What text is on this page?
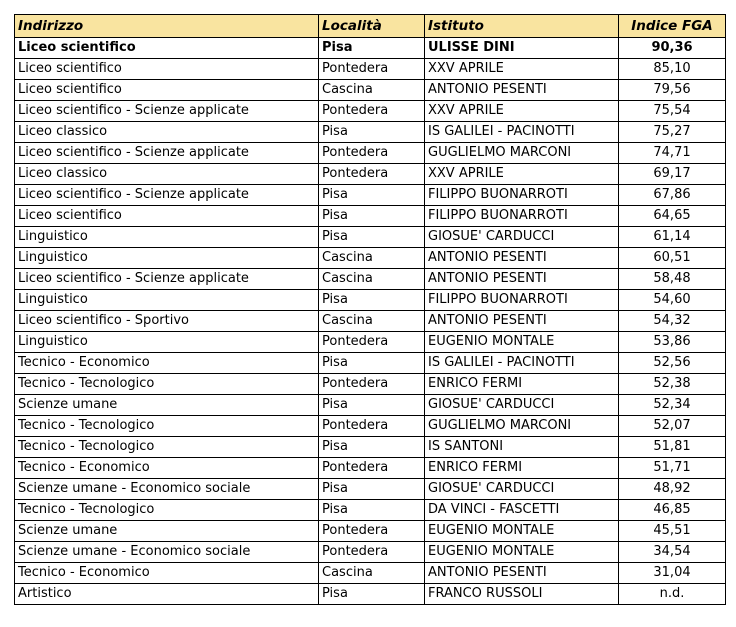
Indirizzo	Località	Istituto	Indice FGA
Liceo scientifico	Pisa	ULISSE DINI	90,36
Liceo scientifico	Pontedera	XXV APRILE	85,10
Liceo scientifico	Cascina	ANTONIO PESENTI	79,56
Liceo scientifico - Scienze applicate	Pontedera	XXV APRILE	75,54
Liceo classico	Pisa	IS GALILEI - PACINOTTI	75,27
Liceo scientifico - Scienze applicate	Pontedera	GUGLIELMO MARCONI	74,71
Liceo classico	Pontedera	XXV APRILE	69,17
Liceo scientifico - Scienze applicate	Pisa	FILIPPO BUONARROTI	67,86
Liceo scientifico	Pisa	FILIPPO BUONARROTI	64,65
Linguistico	Pisa	GIOSUE' CARDUCCI	61,14
Linguistico	Cascina	ANTONIO PESENTI	60,51
Liceo scientifico - Scienze applicate	Cascina	ANTONIO PESENTI	58,48
Linguistico	Pisa	FILIPPO BUONARROTI	54,60
Liceo scientifico - Sportivo	Cascina	ANTONIO PESENTI	54,32
Linguistico	Pontedera	EUGENIO MONTALE	53,86
Tecnico - Economico	Pisa	IS GALILEI - PACINOTTI	52,56
Tecnico - Tecnologico	Pontedera	ENRICO FERMI	52,38
Scienze umane	Pisa	GIOSUE' CARDUCCI	52,34
Tecnico - Tecnologico	Pontedera	GUGLIELMO MARCONI	52,07
Tecnico - Tecnologico	Pisa	IS SANTONI	51,81
Tecnico - Economico	Pontedera	ENRICO FERMI	51,71
Scienze umane - Economico sociale	Pisa	GIOSUE' CARDUCCI	48,92
Tecnico - Tecnologico	Pisa	DA VINCI - FASCETTI	46,85
Scienze umane	Pontedera	EUGENIO MONTALE	45,51
Scienze umane - Economico sociale	Pontedera	EUGENIO MONTALE	34,54
Tecnico - Economico	Cascina	ANTONIO PESENTI	31,04
Artistico	Pisa	FRANCO RUSSOLI	n.d.
